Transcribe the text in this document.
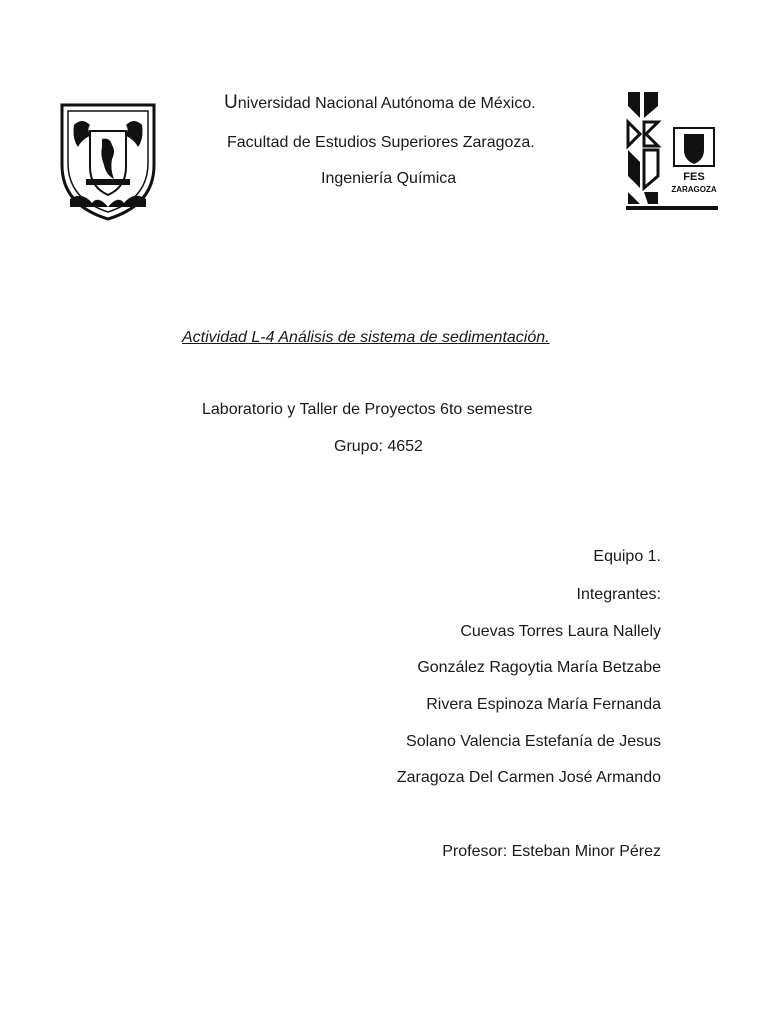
FES
ZARAGOZA
Universidad Nacional Autónoma de México.
Facultad de Estudios Superiores Zaragoza.
Ingeniería Química
Actividad L-4 Análisis de sistema de sedimentación.
Laboratorio y Taller de Proyectos 6to semestre
Grupo: 4652
Equipo 1.
Integrantes:
Cuevas Torres Laura Nallely
González Ragoytia María Betzabe
Rivera Espinoza María Fernanda
Solano Valencia Estefanía de Jesus
Zaragoza Del Carmen José Armando
Profesor: Esteban Minor Pérez
